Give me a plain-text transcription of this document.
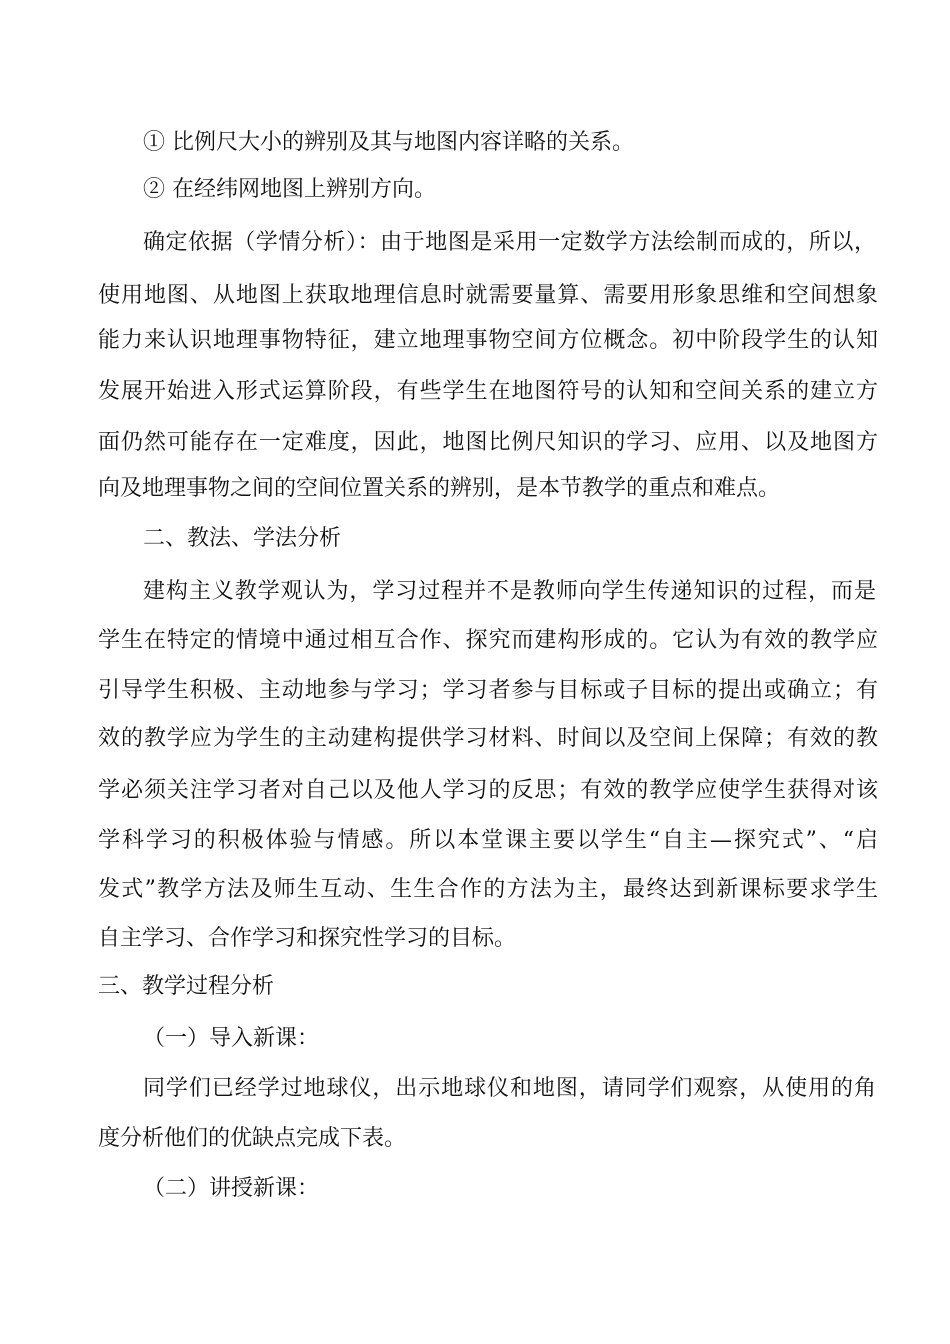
① 比例尺大小的辨别及其与地图内容详略的关系。
② 在经纬网地图上辨别方向。
确定依据（学情分析）：由于地图是采用一定数学方法绘制而成的，所以，
使用地图、从地图上获取地理信息时就需要量算、需要用形象思维和空间想象
能力来认识地理事物特征，建立地理事物空间方位概念。初中阶段学生的认知
发展开始进入形式运算阶段，有些学生在地图符号的认知和空间关系的建立方
面仍然可能存在一定难度，因此，地图比例尺知识的学习、应用、以及地图方
向及地理事物之间的空间位置关系的辨别，是本节教学的重点和难点。
二、教法、学法分析
建构主义教学观认为，学习过程并不是教师向学生传递知识的过程，而是
学生在特定的情境中通过相互合作、探究而建构形成的。它认为有效的教学应
引导学生积极、主动地参与学习；学习者参与目标或子目标的提出或确立；有
效的教学应为学生的主动建构提供学习材料、时间以及空间上保障；有效的教
学必须关注学习者对自己以及他人学习的反思；有效的教学应使学生获得对该
学科学习的积极体验与情感。所以本堂课主要以学生“自主—探究式”、“启
发式”教学方法及师生互动、生生合作的方法为主，最终达到新课标要求学生
自主学习、合作学习和探究性学习的目标。
三、教学过程分析
（一）导入新课：
同学们已经学过地球仪，出示地球仪和地图，请同学们观察，从使用的角
度分析他们的优缺点完成下表。
（二）讲授新课：
